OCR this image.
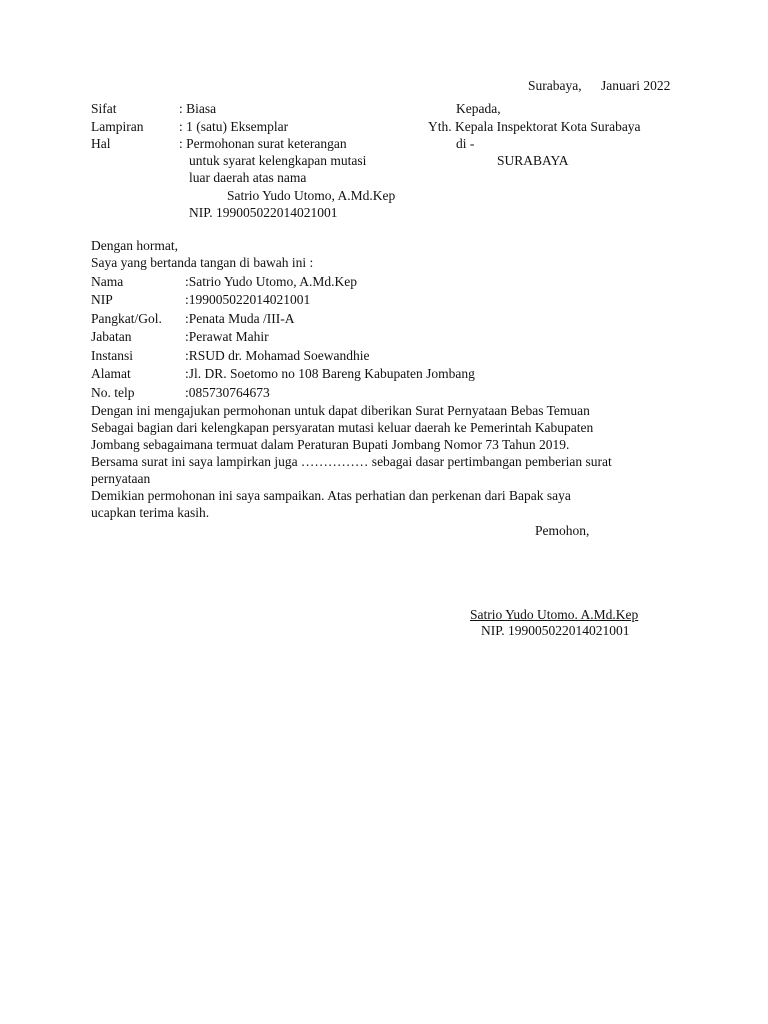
Surabaya, Januari 2022
Sifat	: Biasa
Lampiran	: 1 (satu) Eksemplar
Hal	: Permohonan surat keterangan
untuk syarat kelengkapan mutasi
luar daerah atas nama
Satrio Yudo Utomo, A.Md.Kep
NIP. 199005022014021001
Kepada,
Yth. Kepala Inspektorat Kota Surabaya
di -
SURABAYA
Dengan hormat,
Saya yang bertanda tangan di bawah ini :
Nama	:Satrio Yudo Utomo, A.Md.Kep
NIP	:199005022014021001
Pangkat/Gol. :Penata Muda /III-A
Jabatan	:Perawat Mahir
Instansi	:RSUD dr. Mohamad Soewandhie
Alamat	:Jl. DR. Soetomo no 108 Bareng Kabupaten Jombang
No. telp	:085730764673
Dengan ini mengajukan permohonan untuk dapat diberikan Surat Pernyataan Bebas Temuan
Sebagai bagian dari kelengkapan persyaratan mutasi keluar daerah ke Pemerintah Kabupaten
Jombang sebagaimana termuat dalam Peraturan Bupati Jombang Nomor 73 Tahun 2019.
Bersama surat ini saya lampirkan juga …………… sebagai dasar pertimbangan pemberian surat
pernyataan
Demikian permohonan ini saya sampaikan. Atas perhatian dan perkenan dari Bapak saya
ucapkan terima kasih.
Pemohon,
Satrio Yudo Utomo. A.Md.Kep
NIP. 199005022014021001
